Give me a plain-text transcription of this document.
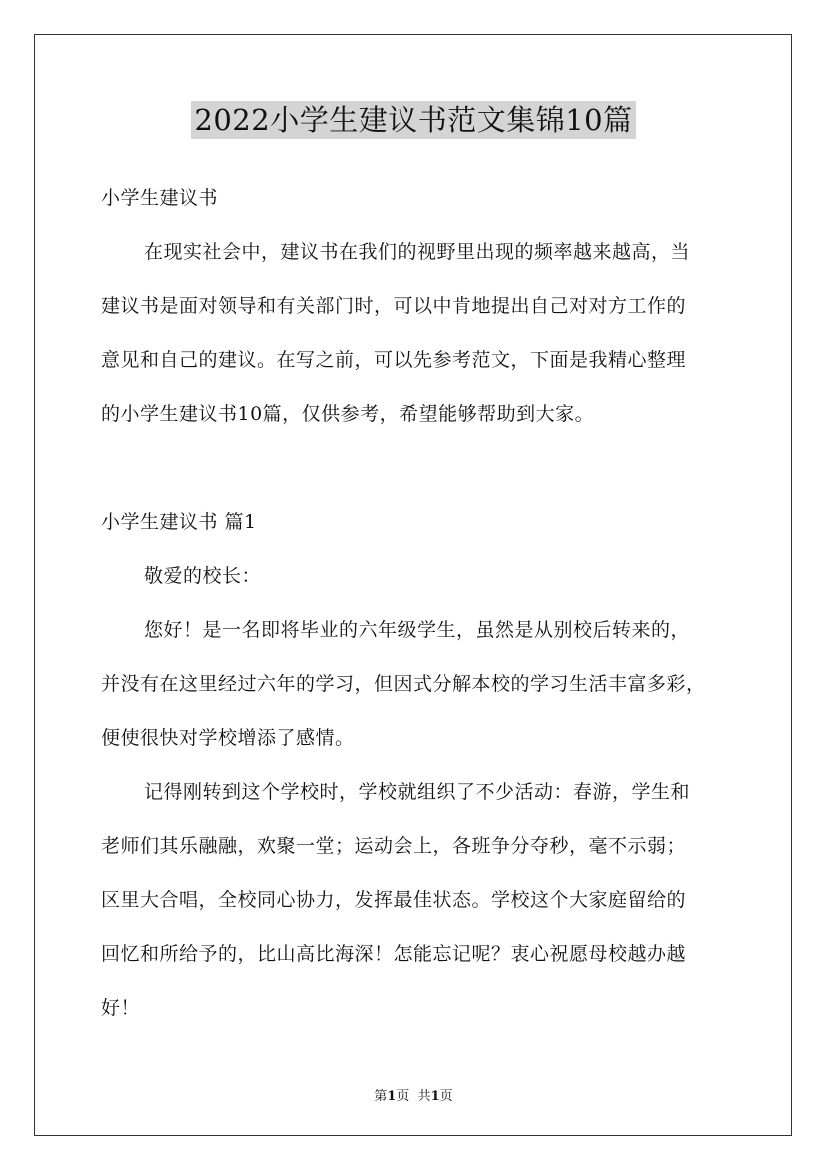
2022小学生建议书范文集锦10篇
小学生建议书
在现实社会中，建议书在我们的视野里出现的频率越来越高，当
建议书是面对领导和有关部门时，可以中肯地提出自己对对方工作的
意见和自己的建议。在写之前，可以先参考范文，下面是我精心整理
的小学生建议书10篇，仅供参考，希望能够帮助到大家。
小学生建议书 篇1
敬爱的校长：
您好！是一名即将毕业的六年级学生，虽然是从别校后转来的，
并没有在这里经过六年的学习，但因式分解本校的学习生活丰富多彩，
便使很快对学校增添了感情。
记得刚转到这个学校时，学校就组织了不少活动：春游，学生和
老师们其乐融融，欢聚一堂；运动会上，各班争分夺秒，毫不示弱；
区里大合唱，全校同心协力，发挥最佳状态。学校这个大家庭留给的
回忆和所给予的，比山高比海深！怎能忘记呢？衷心祝愿母校越办越
好！
第1页 共1页
